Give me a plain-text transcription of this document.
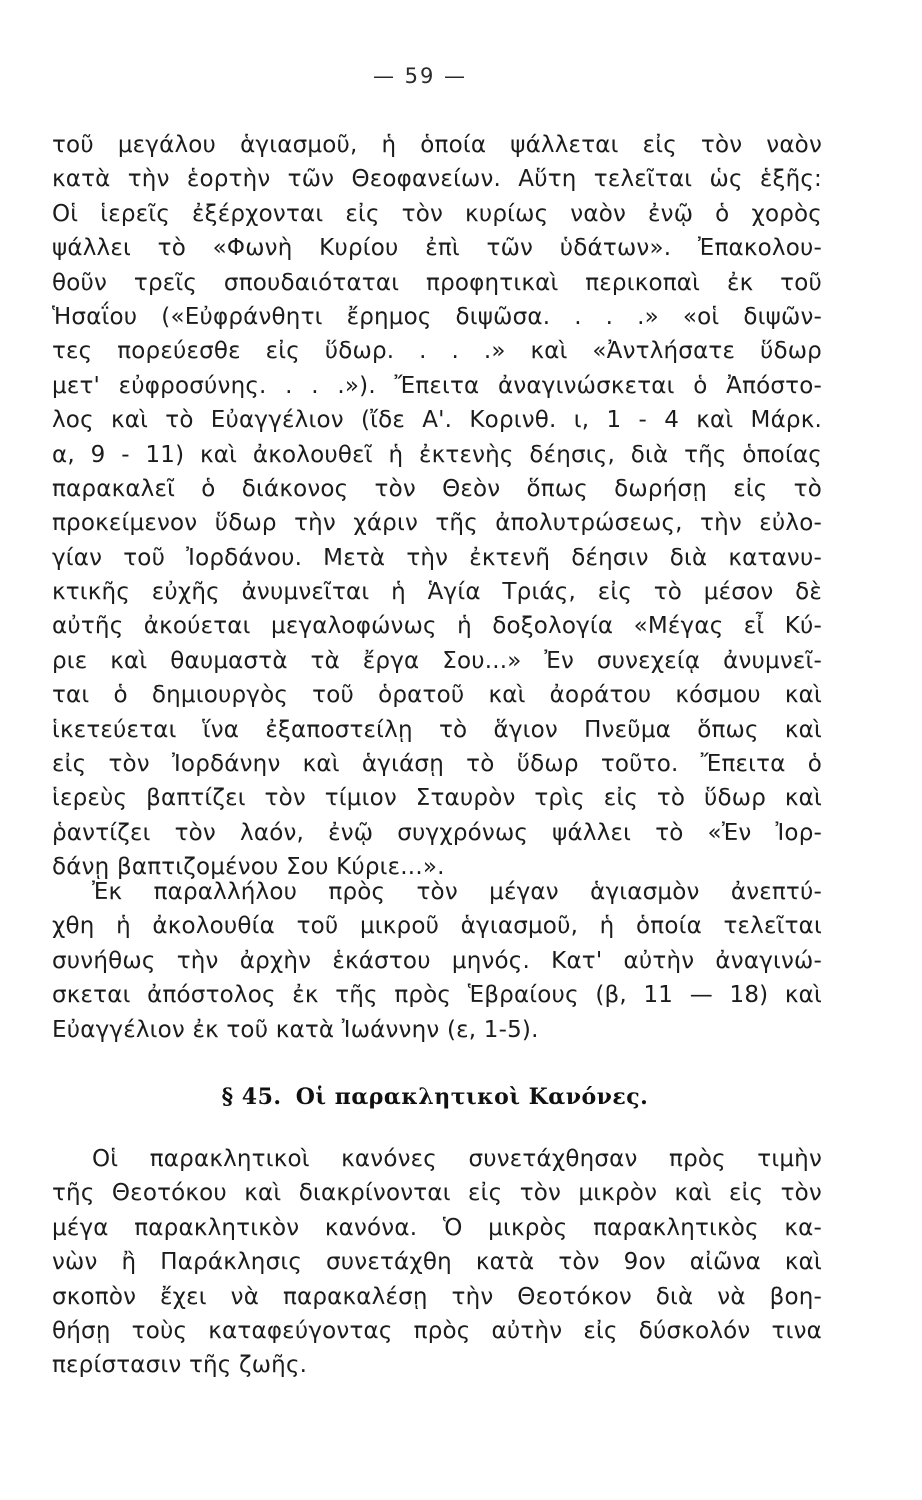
— 59 —
τοῦ μεγάλου ἁγιασμοῦ, ἡ ὁποία ψάλλεται εἰς τὸν ναὸν
κατὰ τὴν ἑορτὴν τῶν Θεοφανείων. Αὕτη τελεῖται ὡς ἑξῆς:
Οἱ ἱερεῖς ἐξέρχονται εἰς τὸν κυρίως ναὸν ἐνῷ ὁ χορὸς
ψάλλει τὸ «Φωνὴ Κυρίου ἐπὶ τῶν ὑδάτων». Ἐπακολου-
θοῦν τρεῖς σπουδαιόταται προφητικαὶ περικοπαὶ ἐκ τοῦ
Ἡσαΐου («Εὐφράνθητι ἔρημος διψῶσα. . . .» «οἱ διψῶν-
τες πορεύεσθε εἰς ὕδωρ. . . .» καὶ «Ἀντλήσατε ὕδωρ
μετ' εὐφροσύνης. . . .»). Ἔπειτα ἀναγινώσκεται ὁ Ἀπόστο-
λος καὶ τὸ Εὐαγγέλιον (ἴδε Α'. Κορινθ. ι, 1 - 4 καὶ Μάρκ.
α, 9 - 11) καὶ ἀκολουθεῖ ἡ ἐκτενὴς δέησις, διὰ τῆς ὁποίας
παρακαλεῖ ὁ διάκονος τὸν Θεὸν ὅπως δωρήσῃ εἰς τὸ
προκείμενον ὕδωρ τὴν χάριν τῆς ἀπολυτρώσεως, τὴν εὐλο-
γίαν τοῦ Ἰορδάνου. Μετὰ τὴν ἐκτενῆ δέησιν διὰ κατανυ-
κτικῆς εὐχῆς ἀνυμνεῖται ἡ Ἁγία Τριάς, εἰς τὸ μέσον δὲ
αὐτῆς ἀκούεται μεγαλοφώνως ἡ δοξολογία «Μέγας εἶ Κύ-
ριε καὶ θαυμαστὰ τὰ ἔργα Σου...» Ἐν συνεχείᾳ ἀνυμνεῖ-
ται ὁ δημιουργὸς τοῦ ὁρατοῦ καὶ ἀοράτου κόσμου καὶ
ἱκετεύεται ἵνα ἐξαποστείλῃ τὸ ἅγιον Πνεῦμα ὅπως καὶ
εἰς τὸν Ἰορδάνην καὶ ἁγιάσῃ τὸ ὕδωρ τοῦτο. Ἔπειτα ὁ
ἱερεὺς βαπτίζει τὸν τίμιον Σταυρὸν τρὶς εἰς τὸ ὕδωρ καὶ
ῥαντίζει τὸν λαόν, ἐνῷ συγχρόνως ψάλλει τὸ «Ἐν Ἰορ-
δάνῃ βαπτιζομένου Σου Κύριε...».
Ἐκ παραλλήλου πρὸς τὸν μέγαν ἁγιασμὸν ἀνεπτύ-
χθη ἡ ἀκολουθία τοῦ μικροῦ ἁγιασμοῦ, ἡ ὁποία τελεῖται
συνήθως τὴν ἀρχὴν ἑκάστου μηνός. Κατ' αὐτὴν ἀναγινώ-
σκεται ἀπόστολος ἐκ τῆς πρὸς Ἑβραίους (β, 11 — 18) καὶ
Εὐαγγέλιον ἐκ τοῦ κατὰ Ἰωάννην (ε, 1-5).
§ 45. Οἱ παρακλητικοὶ Κανόνες.
Οἱ παρακλητικοὶ κανόνες συνετάχθησαν πρὸς τιμὴν
τῆς Θεοτόκου καὶ διακρίνονται εἰς τὸν μικρὸν καὶ εἰς τὸν
μέγα παρακλητικὸν κανόνα. Ὁ μικρὸς παρακλητικὸς κα-
νὼν ἢ Παράκλησις συνετάχθη κατὰ τὸν 9ον αἰῶνα καὶ
σκοπὸν ἔχει νὰ παρακαλέσῃ τὴν Θεοτόκον διὰ νὰ βοη-
θήσῃ τοὺς καταφεύγοντας πρὸς αὐτὴν εἰς δύσκολόν τινα
περίστασιν τῆς ζωῆς.
